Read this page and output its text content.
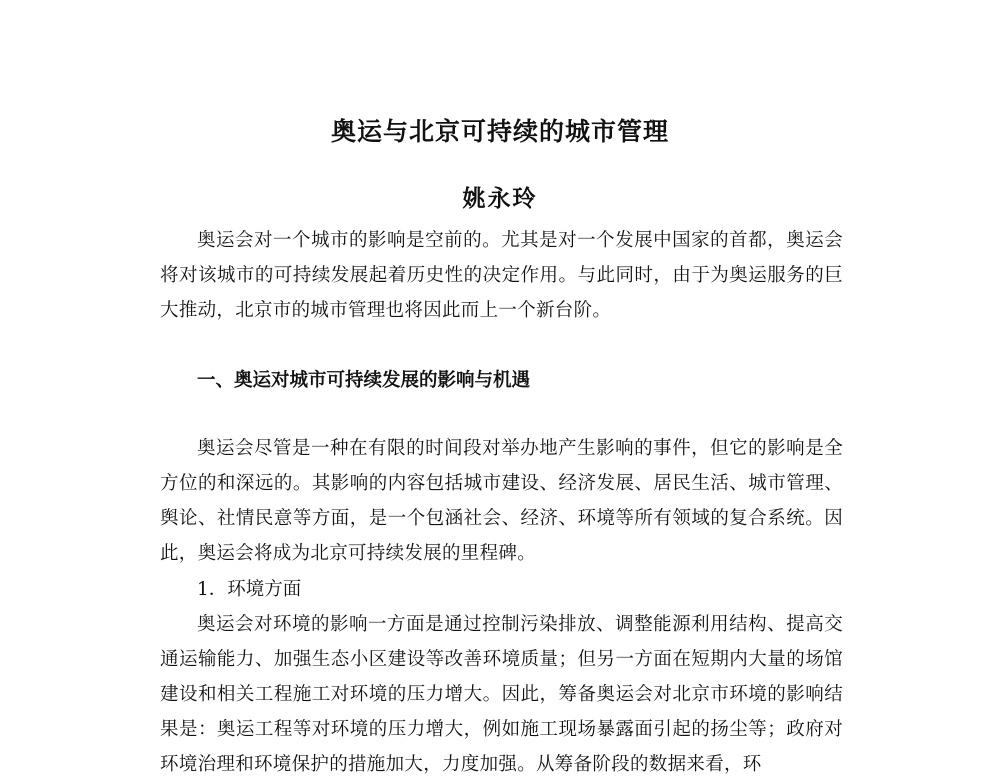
奥运与北京可持续的城市管理
姚永玲

奥运会对一个城市的影响是空前的。尤其是对一个发展中国家的首都，奥运会将对该城市的可持续发展起着历史性的决定作用。与此同时，由于为奥运服务的巨大推动，北京市的城市管理也将因此而上一个新台阶。

一、奥运对城市可持续发展的影响与机遇

奥运会尽管是一种在有限的时间段对举办地产生影响的事件，但它的影响是全方位的和深远的。其影响的内容包括城市建设、经济发展、居民生活、城市管理、舆论、社情民意等方面，是一个包涵社会、经济、环境等所有领域的复合系统。因此，奥运会将成为北京可持续发展的里程碑。

1．环境方面

奥运会对环境的影响一方面是通过控制污染排放、调整能源利用结构、提高交通运输能力、加强生态小区建设等改善环境质量；但另一方面在短期内大量的场馆建设和相关工程施工对环境的压力增大。因此，筹备奥运会对北京市环境的影响结果是：奥运工程等对环境的压力增大，例如施工现场暴露面引起的扬尘等；政府对环境治理和环境保护的措施加大，力度加强。从筹备阶段的数据来看，环
